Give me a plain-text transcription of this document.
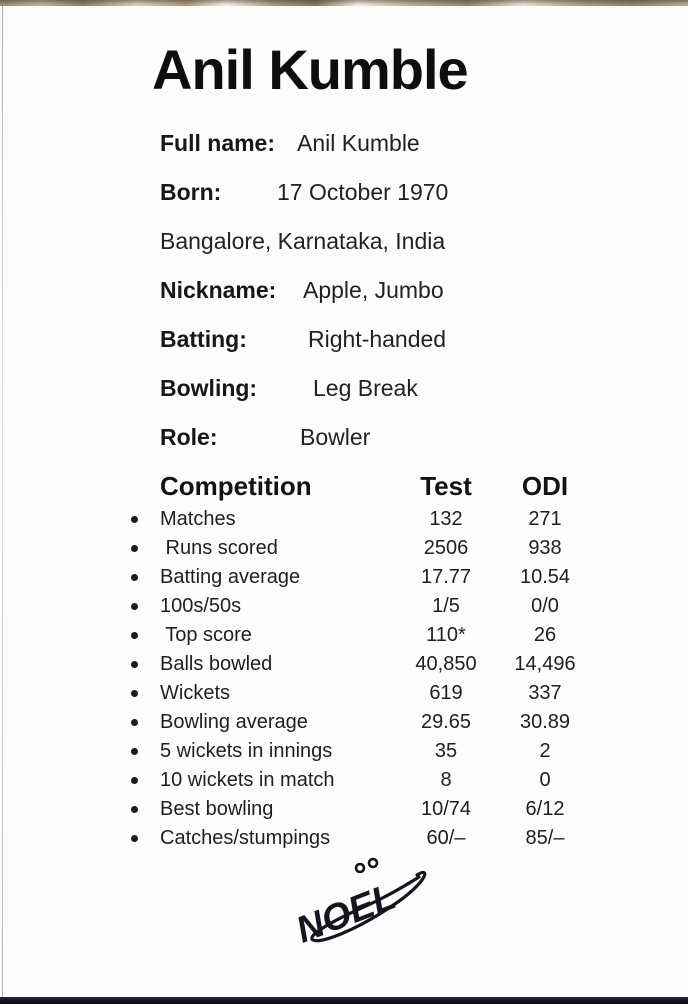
Anil Kumble
Full name: Anil Kumble
Born: 17 October 1970
Bangalore, Karnataka, India
Nickname: Apple, Jumbo
Batting:	Right-handed
Bowling: Leg Break
Role:	Bowler
Competition	Test	ODI
Matches	132	271
Runs scored	2506	938
Batting average	17.77	10.54
100s/50s	1/5	0/0
Top score	110*	26
Balls bowled	40,850	14,496
Wickets	619	337
Bowling average	29.65	30.89
5 wickets in innings	35	2
10 wickets in match	8	0
Best bowling	10/74	6/12
Catches/stumpings	60/–	85/–
NOEL
